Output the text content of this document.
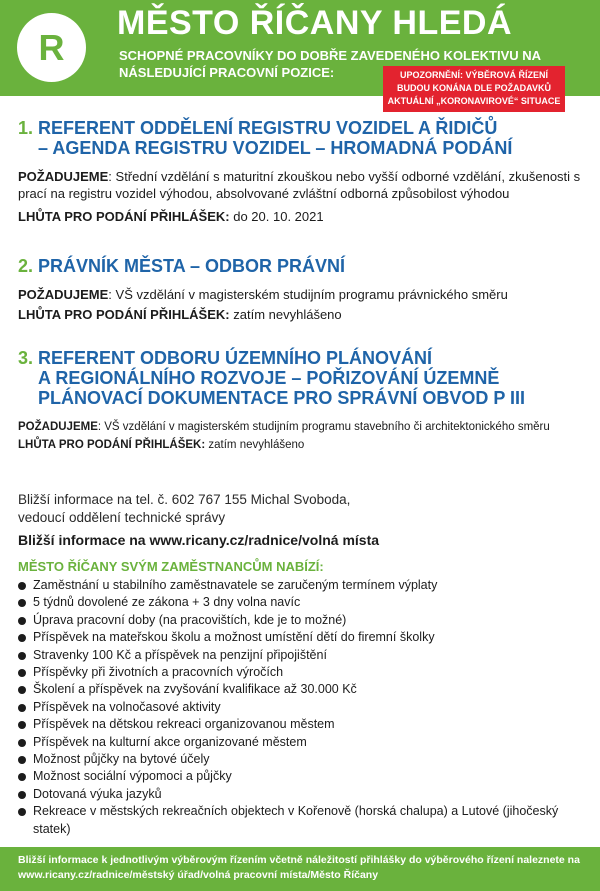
R
MĚSTO ŘÍČANY HLEDÁ
SCHOPNÉ PRACOVNÍKY DO DOBŘE ZAVEDENÉHO KOLEKTIVU NA NÁSLEDUJÍCÍ PRACOVNÍ POZICE:	UPOZORNĚNÍ: VÝBĚROVÁ ŘÍZENÍ BUDOU KONÁNA DLE POŽADAVKŮ AKTUÁLNÍ „KORONAVIROVÉ“ SITUACE

1. REFERENT ODDĚLENÍ REGISTRU VOZIDEL A ŘIDIČŮ
– AGENDA REGISTRU VOZIDEL – HROMADNÁ PODÁNÍ

POŽADUJEME: Střední vzdělání s maturitní zkouškou nebo vyšší odborné vzdělání, zkušenosti s prací na registru vozidel výhodou, absolvované zvláštní odborná způsobilost výhodou

LHŮTA PRO PODÁNÍ PŘIHLÁŠEK: do 20. 10. 2021

2. PRÁVNÍK MĚSTA – ODBOR PRÁVNÍ

POŽADUJEME: VŠ vzdělání v magisterském studijním programu právnického směru

LHŮTA PRO PODÁNÍ PŘIHLÁŠEK: zatím nevyhlášeno

3. REFERENT ODBORU ÚZEMNÍHO PLÁNOVÁNÍ
A REGIONÁLNÍHO ROZVOJE – POŘIZOVÁNÍ ÚZEMNĚ
PLÁNOVACÍ DOKUMENTACE PRO SPRÁVNÍ OBVOD P III

POŽADUJEME: VŠ vzdělání v magisterském studijním programu stavebního či architektonického směru

LHŮTA PRO PODÁNÍ PŘIHLÁŠEK: zatím nevyhlášeno

Bližší informace na tel. č. 602 767 155 Michal Svoboda,

vedoucí oddělení technické správy

Bližší informace na www.ricany.cz/radnice/volná místa

MĚSTO ŘÍČANY SVÝM ZAMĚSTNANCŮM NABÍZÍ:

Zaměstnání u stabilního zaměstnavatele se zaručeným termínem výplaty
5 týdnů dovolené ze zákona + 3 dny volna navíc
Úprava pracovní doby (na pracovištích, kde je to možné)
Příspěvek na mateřskou školu a možnost umístění dětí do firemní školky
Stravenky 100 Kč a příspěvek na penzijní připojištění
Příspěvky při životních a pracovních výročích
Školení a příspěvek na zvyšování kvalifikace až 30.000 Kč
Příspěvek na volnočasové aktivity
Příspěvek na dětskou rekreaci organizovanou městem
Příspěvek na kulturní akce organizované městem
Možnost půjčky na bytové účely
Možnost sociální výpomoci a půjčky
Dotovaná výuka jazyků
Rekreace v městských rekreačních objektech v Kořenově (horská chalupa) a Lutové (jihočeský statek)
Bližší informace k jednotlivým výběrovým řízením včetně náležitostí přihlášky do výběrového řízení naleznete na www.ricany.cz/radnice/městský úřad/volná pracovní místa/Město Říčany
